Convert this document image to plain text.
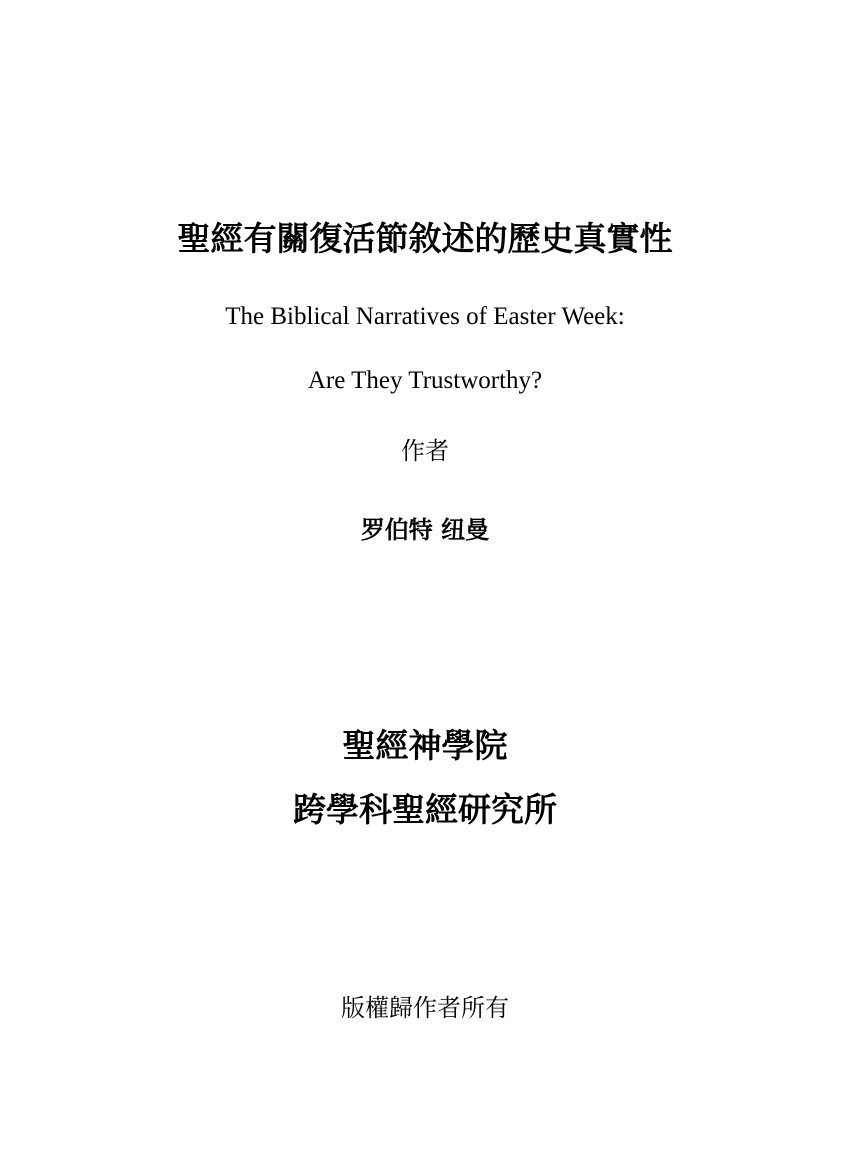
聖經有關復活節敘述的歷史真實性
The Biblical Narratives of Easter Week:
Are They Trustworthy?
作者
罗伯特 纽曼
聖經神學院
跨學科聖經研究所
版權歸作者所有
